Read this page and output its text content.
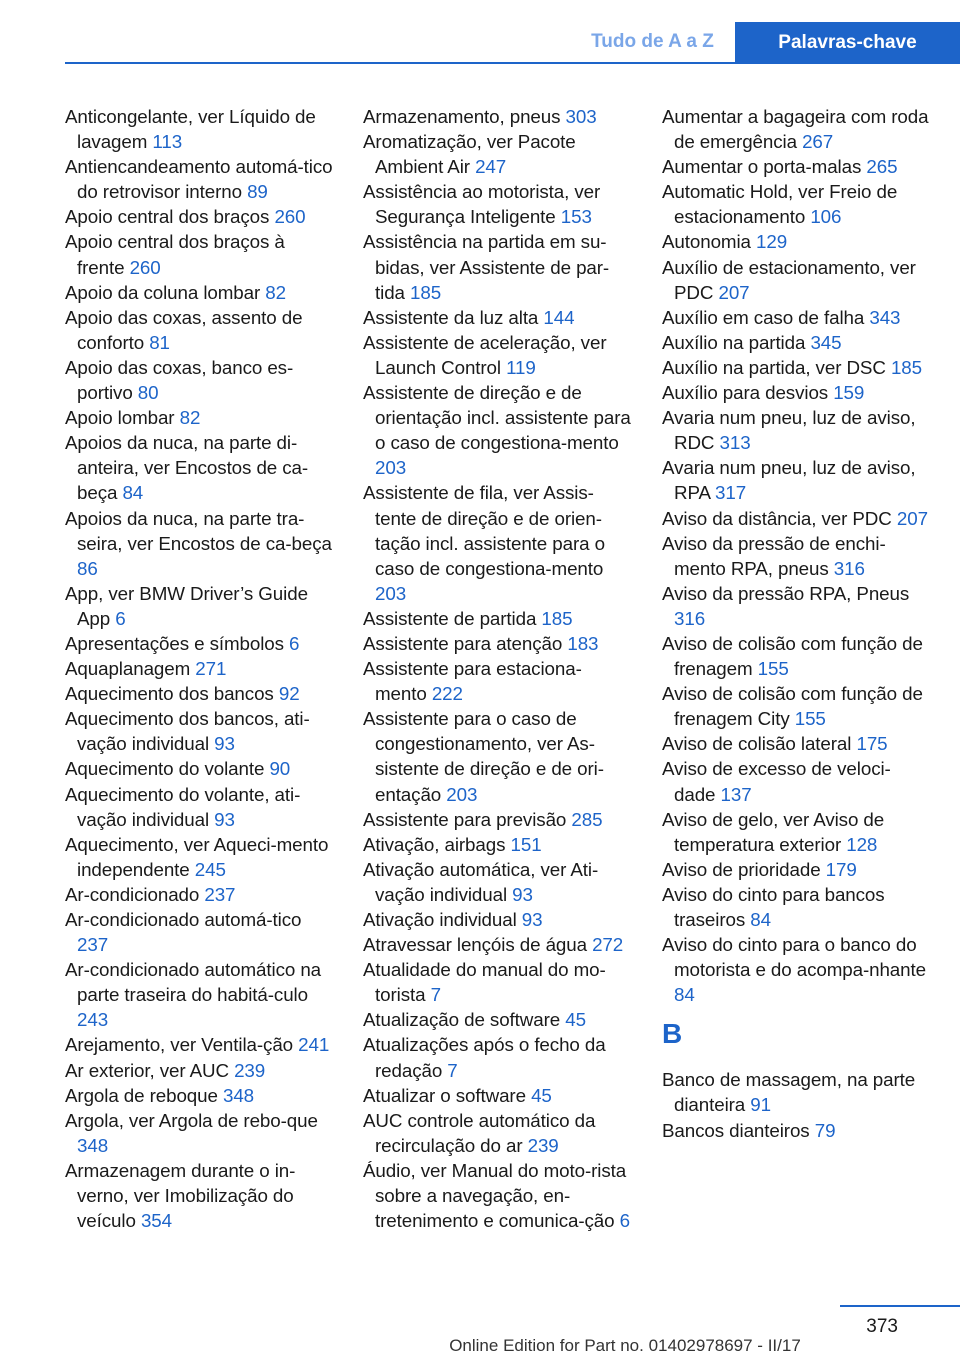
Tudo de A a Z	Palavras-chave

Anticongelante, ver Líquido de lavagem 113

Antiencandeamento automá‐tico do retrovisor interno 89

Apoio central dos braços 260

Apoio central dos braços à frente 260

Apoio da coluna lombar 82

Apoio das coxas, assento de conforto 81

Apoio das coxas, banco es‐portivo 80

Apoio lombar 82

Apoios da nuca, na parte di‐anteira, ver Encostos de ca‐beça 84

Apoios da nuca, na parte tra‐seira, ver Encostos de ca‐beça 86

App, ver BMW Driver’s Guide App 6

Apresentações e símbolos 6

Aquaplanagem 271

Aquecimento dos bancos 92

Aquecimento dos bancos, ati‐vação individual 93

Aquecimento do volante 90

Aquecimento do volante, ati‐vação individual 93

Aquecimento, ver Aqueci‐mento independente 245

Ar-condicionado 237

Ar-condicionado automá‐tico 237

Ar-condicionado automático na parte traseira do habitá‐culo 243

Arejamento, ver Ventila‐ção 241

Ar exterior, ver AUC 239

Argola de reboque 348

Argola, ver Argola de rebo‐que 348

Armazenagem durante o in‐verno, ver Imobilização do veículo 354

Armazenamento, pneus 303

Aromatização, ver Pacote Ambient Air 247

Assistência ao motorista, ver Segurança Inteligente 153

Assistência na partida em su‐bidas, ver Assistente de par‐tida 185

Assistente da luz alta 144

Assistente de aceleração, ver Launch Control 119

Assistente de direção e de orientação incl. assistente para o caso de congestiona‐mento 203

Assistente de fila, ver Assis‐tente de direção e de orien‐tação incl. assistente para o caso de congestiona‐mento 203

Assistente de partida 185

Assistente para atenção 183

Assistente para estaciona‐mento 222

Assistente para o caso de congestionamento, ver As‐sistente de direção e de ori‐entação 203

Assistente para previsão 285

Ativação, airbags 151

Ativação automática, ver Ati‐vação individual 93

Ativação individual 93

Atravessar lençóis de água 272

Atualidade do manual do mo‐torista 7

Atualização de software 45

Atualizações após o fecho da redação 7

Atualizar o software 45

AUC controle automático da recirculação do ar 239

Áudio, ver Manual do moto‐rista sobre a navegação, en‐tretenimento e comunica‐ção 6

Aumentar a bagageira com roda de emergência 267

Aumentar o porta-malas 265

Automatic Hold, ver Freio de estacionamento 106

Autonomia 129

Auxílio de estacionamento, ver PDC 207

Auxílio em caso de falha 343

Auxílio na partida 345

Auxílio na partida, ver DSC 185

Auxílio para desvios 159

Avaria num pneu, luz de aviso, RDC 313

Avaria num pneu, luz de aviso, RPA 317

Aviso da distância, ver PDC 207

Aviso da pressão de enchi‐mento RPA, pneus 316

Aviso da pressão RPA, Pneus 316

Aviso de colisão com função de frenagem 155

Aviso de colisão com função de frenagem City 155

Aviso de colisão lateral 175

Aviso de excesso de veloci‐dade 137

Aviso de gelo, ver Aviso de temperatura exterior 128

Aviso de prioridade 179

Aviso do cinto para bancos traseiros 84

Aviso do cinto para o banco do motorista e do acompa‐nhante 84

B

Banco de massagem, na parte dianteira 91

Bancos dianteiros 79

373
Online Edition for Part no. 01402978697 - II/17
